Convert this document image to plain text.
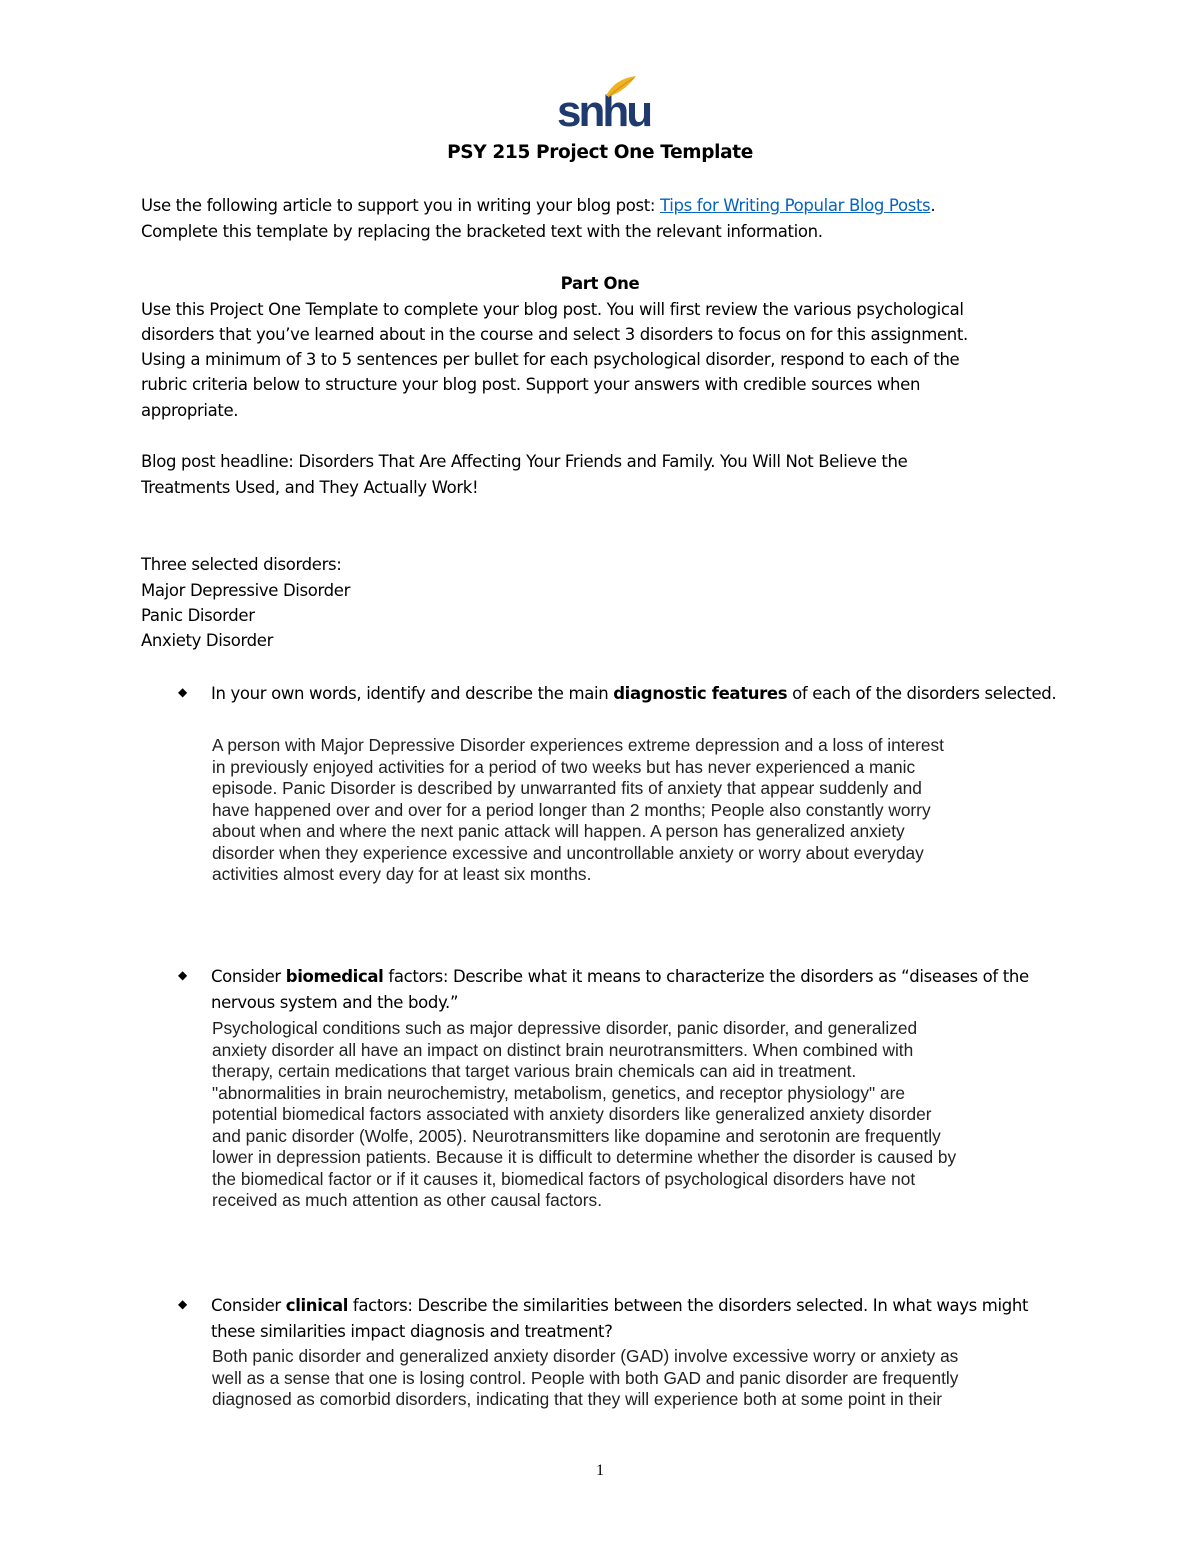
snhu
PSY 215 Project One Template
Use the following article to support you in writing your blog post: Tips for Writing Popular Blog Posts.
Complete this template by replacing the bracketed text with the relevant information.
Part One
Use this Project One Template to complete your blog post. You will first review the various psychological
disorders that you’ve learned about in the course and select 3 disorders to focus on for this assignment.
Using a minimum of 3 to 5 sentences per bullet for each psychological disorder, respond to each of the
rubric criteria below to structure your blog post. Support your answers with credible sources when
appropriate.
Blog post headline: Disorders That Are Affecting Your Friends and Family. You Will Not Believe the
Treatments Used, and They Actually Work!
Three selected disorders:
Major Depressive Disorder
Panic Disorder
Anxiety Disorder
◆ In your own words, identify and describe the main diagnostic features of each of the disorders selected.
A person with Major Depressive Disorder experiences extreme depression and a loss of interest
in previously enjoyed activities for a period of two weeks but has never experienced a manic
episode. Panic Disorder is described by unwarranted fits of anxiety that appear suddenly and
have happened over and over for a period longer than 2 months; People also constantly worry
about when and where the next panic attack will happen. A person has generalized anxiety
disorder when they experience excessive and uncontrollable anxiety or worry about everyday
activities almost every day for at least six months.
◆ Consider biomedical factors: Describe what it means to characterize the disorders as “diseases of the nervous system and the body.”
Psychological conditions such as major depressive disorder, panic disorder, and generalized
anxiety disorder all have an impact on distinct brain neurotransmitters. When combined with
therapy, certain medications that target various brain chemicals can aid in treatment.
"abnormalities in brain neurochemistry, metabolism, genetics, and receptor physiology" are
potential biomedical factors associated with anxiety disorders like generalized anxiety disorder
and panic disorder (Wolfe, 2005). Neurotransmitters like dopamine and serotonin are frequently
lower in depression patients. Because it is difficult to determine whether the disorder is caused by
the biomedical factor or if it causes it, biomedical factors of psychological disorders have not
received as much attention as other causal factors.
◆ Consider clinical factors: Describe the similarities between the disorders selected. In what ways might these similarities impact diagnosis and treatment?
Both panic disorder and generalized anxiety disorder (GAD) involve excessive worry or anxiety as
well as a sense that one is losing control. People with both GAD and panic disorder are frequently
diagnosed as comorbid disorders, indicating that they will experience both at some point in their
1
